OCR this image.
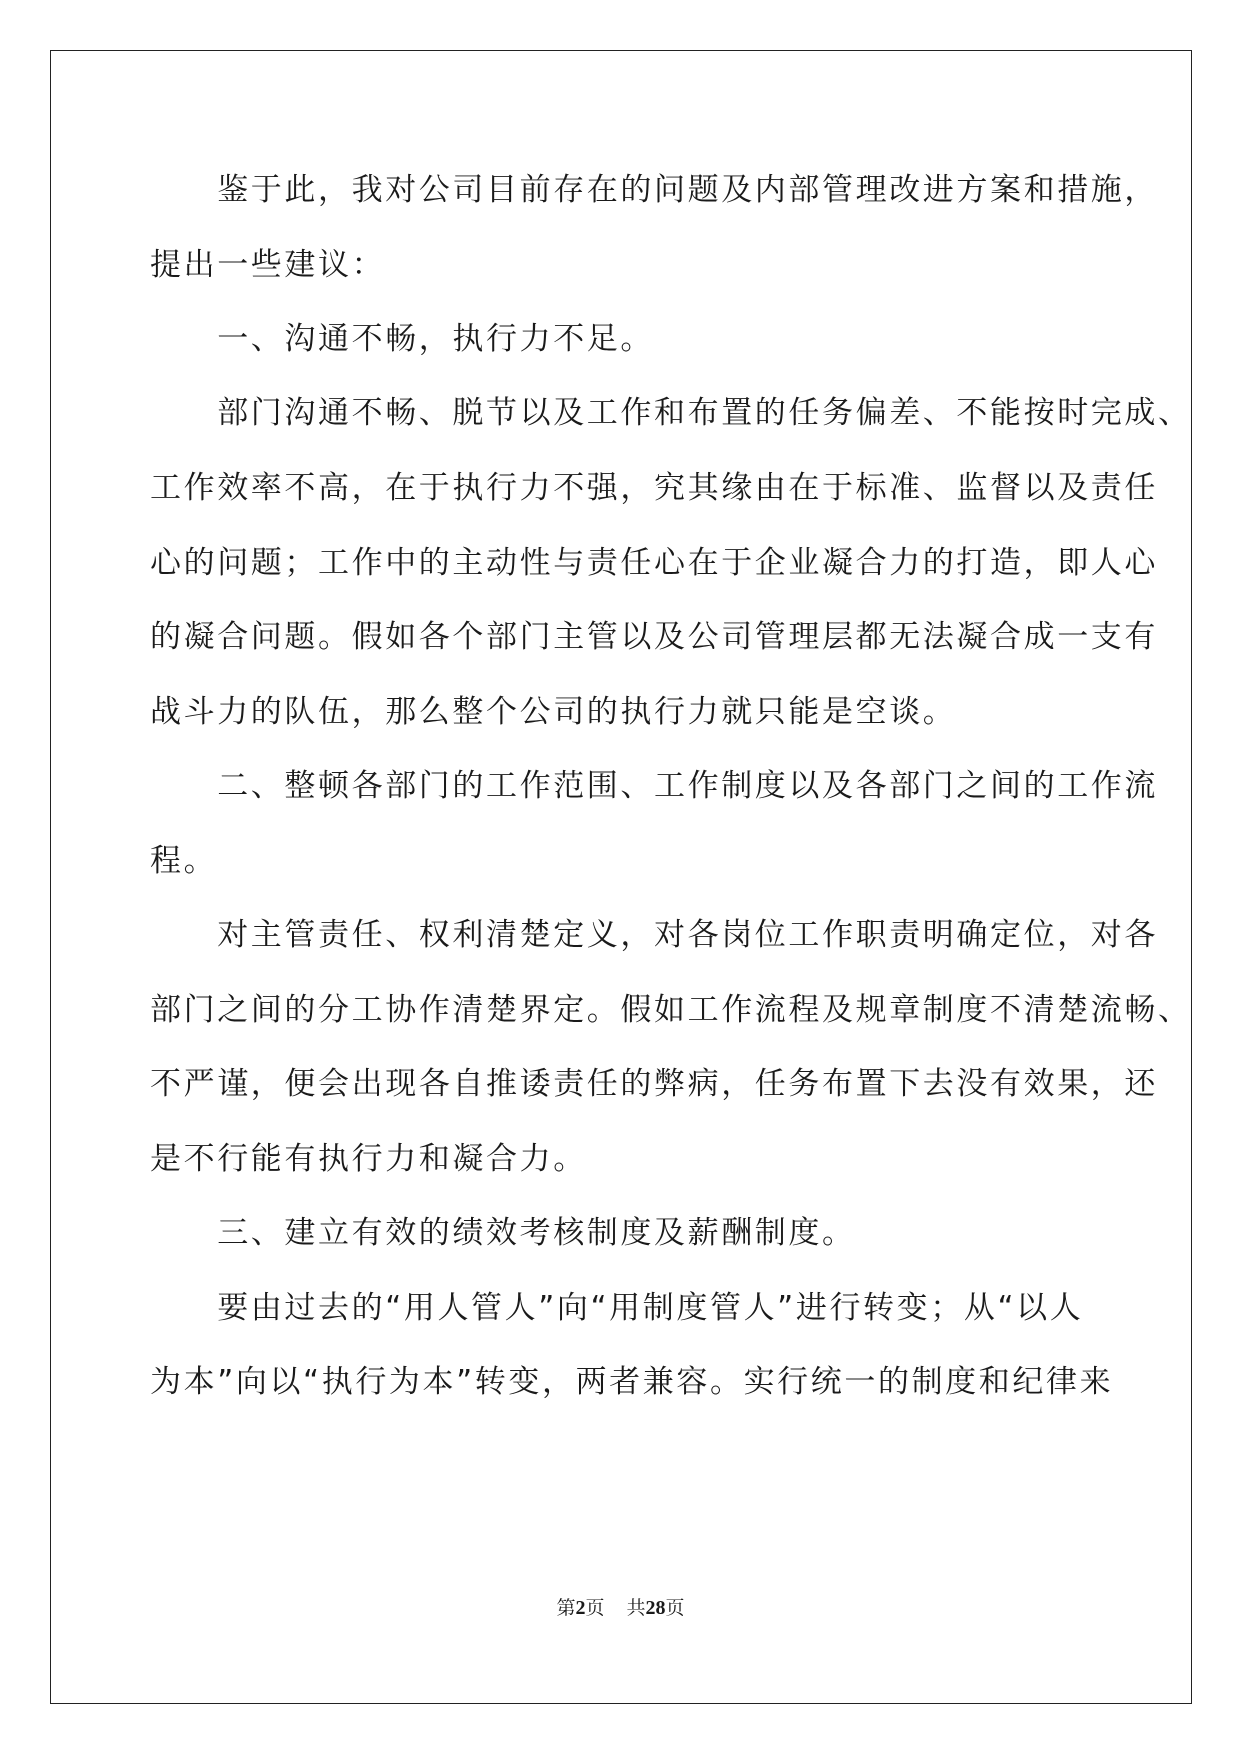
　　鉴于此，我对公司目前存在的问题及内部管理改进方案和措施，
提出一些建议：
　　一、沟通不畅，执行力不足。
　　部门沟通不畅、脱节以及工作和布置的任务偏差、不能按时完成、
工作效率不高，在于执行力不强，究其缘由在于标准、监督以及责任
心的问题；工作中的主动性与责任心在于企业凝合力的打造，即人心
的凝合问题。假如各个部门主管以及公司管理层都无法凝合成一支有
战斗力的队伍，那么整个公司的执行力就只能是空谈。
　　二、整顿各部门的工作范围、工作制度以及各部门之间的工作流
程。
　　对主管责任、权利清楚定义，对各岗位工作职责明确定位，对各
部门之间的分工协作清楚界定。假如工作流程及规章制度不清楚流畅、
不严谨，便会出现各自推诿责任的弊病，任务布置下去没有效果，还
是不行能有执行力和凝合力。
　　三、建立有效的绩效考核制度及薪酬制度。
　　要由过去的“用人管人”向“用制度管人”进行转变；从“以人
为本”向以“执行为本”转变，两者兼容。实行统一的制度和纪律来
第2页 共28页
